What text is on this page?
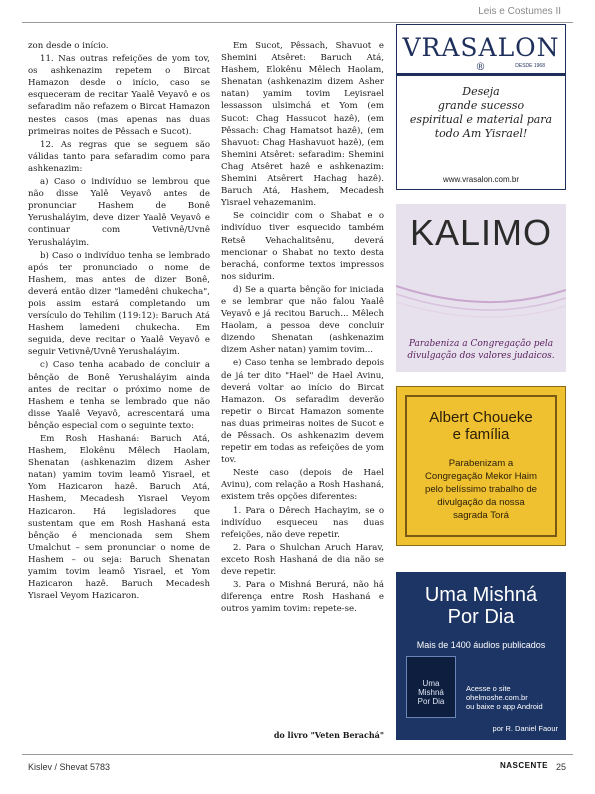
Leis e Costumes II

zon desde o início.

11. Nas outras refeições de yom tov, os ashkenazim repetem o Bircat Hamazon desde o início, caso se esqueceram de recitar Yaalê Veyavô e os sefaradim não refazem o Bircat Hamazon nestes casos (mas apenas nas duas primeiras noites de Pêssach e Sucot).

12. As regras que se seguem são válidas tanto para sefaradim como para ashkenazim:

a) Caso o indivíduo se lembrou que não disse Yalê Veyavô antes de pronunciar Hashem de Bonê Yerushaláyim, deve dizer Yaalê Veyavô e continuar com Vetivnê/Uvnê Yerushaláyim.

b) Caso o indivíduo tenha se lembrado após ter pronunciado o nome de Hashem, mas antes de dizer Bonê, deverá então dizer "lamedêni chukecha", pois assim estará completando um versículo do Tehilim (119:12): Baruch Atá Hashem lamedeni chukecha. Em seguida, deve recitar o Yaalê Veyavô e seguir Vetivnê/Uvnê Yerushaláyim.

c) Caso tenha acabado de concluir a bênção de Bonê Yerushaláyim ainda antes de recitar o próximo nome de Hashem e tenha se lembrado que não disse Yaalê Veyavô, acrescentará uma bênção especial com o seguinte texto:

Em Rosh Hashaná: Baruch Atá, Hashem, Elokênu Mêlech Haolam, Shenatan (ashkenazim dizem Asher natan) yamim tovim leamô Yisrael, et Yom Hazicaron hazê. Baruch Atá, Hashem, Mecadesh Yisrael Veyom Hazicaron. Há legisladores que sustentam que em Rosh Hashaná esta bênção é mencionada sem Shem Umalchut – sem pronunciar o nome de Hashem – ou seja: Baruch Shenatan yamim tovim leamô Yisrael, et Yom Hazicaron hazê. Baruch Mecadesh Yisrael Veyom Hazicaron.

Em Sucot, Pêssach, Shavuot e Shemini Atsêret: Baruch Atá, Hashem, Elokênu Mêlech Haolam, Shenatan (ashkenazim dizem Asher natan) yamim tovim Leyisrael lessasson ulsimchá et Yom (em Sucot: Chag Hassucot hazê), (em Pêssach: Chag Hamatsot hazê), (em Shavuot: Chag Hashavuot hazê), (em Shemini Atsêret: sefaradim: Shemini Chag Atsêret hazê e ashkenazim: Shemini Atsêrert Hachag hazê). Baruch Atá, Hashem, Mecadesh Yisrael vehazemanim.

Se coincidir com o Shabat e o indivíduo tiver esquecido também Retsê Vehachalitsênu, deverá mencionar o Shabat no texto desta berachá, conforme textos impressos nos sidurim.

d) Se a quarta bênção for iniciada e se lembrar que não falou Yaalê Veyavô e já recitou Baruch... Mêlech Haolam, a pessoa deve concluir dizendo Shenatan (ashkenazim dizem Asher natan) yamim tovim...

e) Caso tenha se lembrado depois de já ter dito "Hael" de Hael Avinu, deverá voltar ao início do Bircat Hamazon. Os sefaradim deverão repetir o Bircat Hamazon somente nas duas primeiras noites de Sucot e de Pêssach. Os ashkenazim devem repetir em todas as refeições de yom tov.

Neste caso (depois de Hael Avinu), com relação a Rosh Hashaná, existem três opções diferentes:

1. Para o Dêrech Hachayim, se o indivíduo esqueceu nas duas refeições, não deve repetir.

2. Para o Shulchan Aruch Harav, exceto Rosh Hashaná de dia não se deve repetir.

3. Para o Mishná Berurá, não há diferença entre Rosh Hashaná e outros yamim tovim: repete-se.

do livro "Veten Berachá"
VRASALON ®	DESDE 1968
Deseja
grande sucesso
espiritual e material para
todo Am Yisrael!
www.vrasalon.com.br
KALIMO
Parabeniza a Congregação pela
divulgação dos valores judaicos.
Albert Choueke
e família
Parabenizam a
Congregação Mekor Haim
pelo belíssimo trabalho de
divulgação da nossa
sagrada Torá
Uma Mishná
Por Dia
Mais de 1400 áudios publicados
Uma
Mishná
Por Dia
Acesse o site
ohelmoshe.com.br
ou baixe o app Android
por R. Daniel Faour
Kislev / Shevat 5783	NASCENTE 25
